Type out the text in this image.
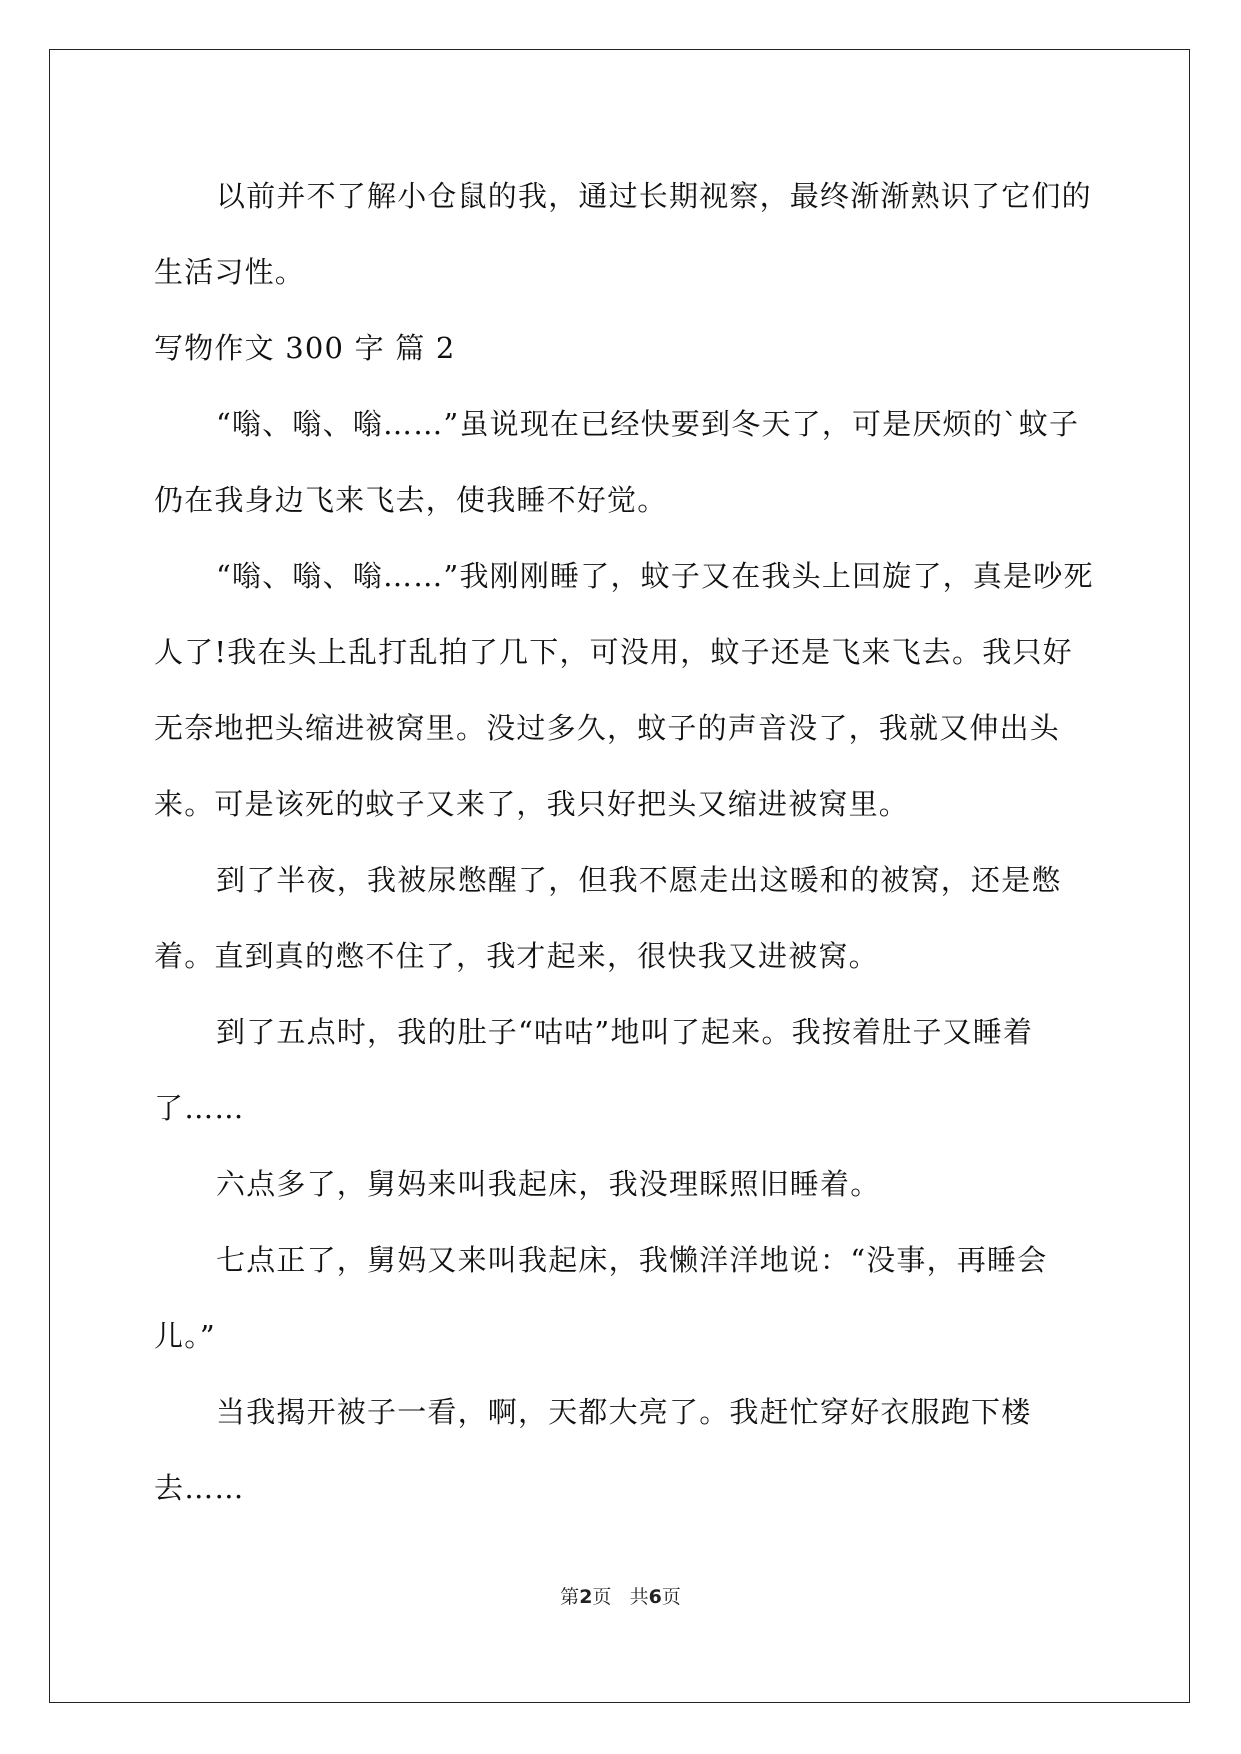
以前并不了解小仓鼠的我，通过长期视察，最终渐渐熟识了它们的生活习性。

写物作文 300 字 篇 2

“嗡、嗡、嗡……”虽说现在已经快要到冬天了，可是厌烦的`蚊子仍在我身边飞来飞去，使我睡不好觉。

“嗡、嗡、嗡……”我刚刚睡了，蚊子又在我头上回旋了，真是吵死人了!我在头上乱打乱拍了几下，可没用，蚊子还是飞来飞去。我只好无奈地把头缩进被窝里。没过多久，蚊子的声音没了，我就又伸出头来。可是该死的蚊子又来了，我只好把头又缩进被窝里。

到了半夜，我被尿憋醒了，但我不愿走出这暖和的被窝，还是憋着。直到真的憋不住了，我才起来，很快我又进被窝。

到了五点时，我的肚子“咕咕”地叫了起来。我按着肚子又睡着了……

六点多了，舅妈来叫我起床，我没理睬照旧睡着。

七点正了，舅妈又来叫我起床，我懒洋洋地说：“没事，再睡会儿。”

当我揭开被子一看，啊，天都大亮了。我赶忙穿好衣服跑下楼去……

第2页 共6页
